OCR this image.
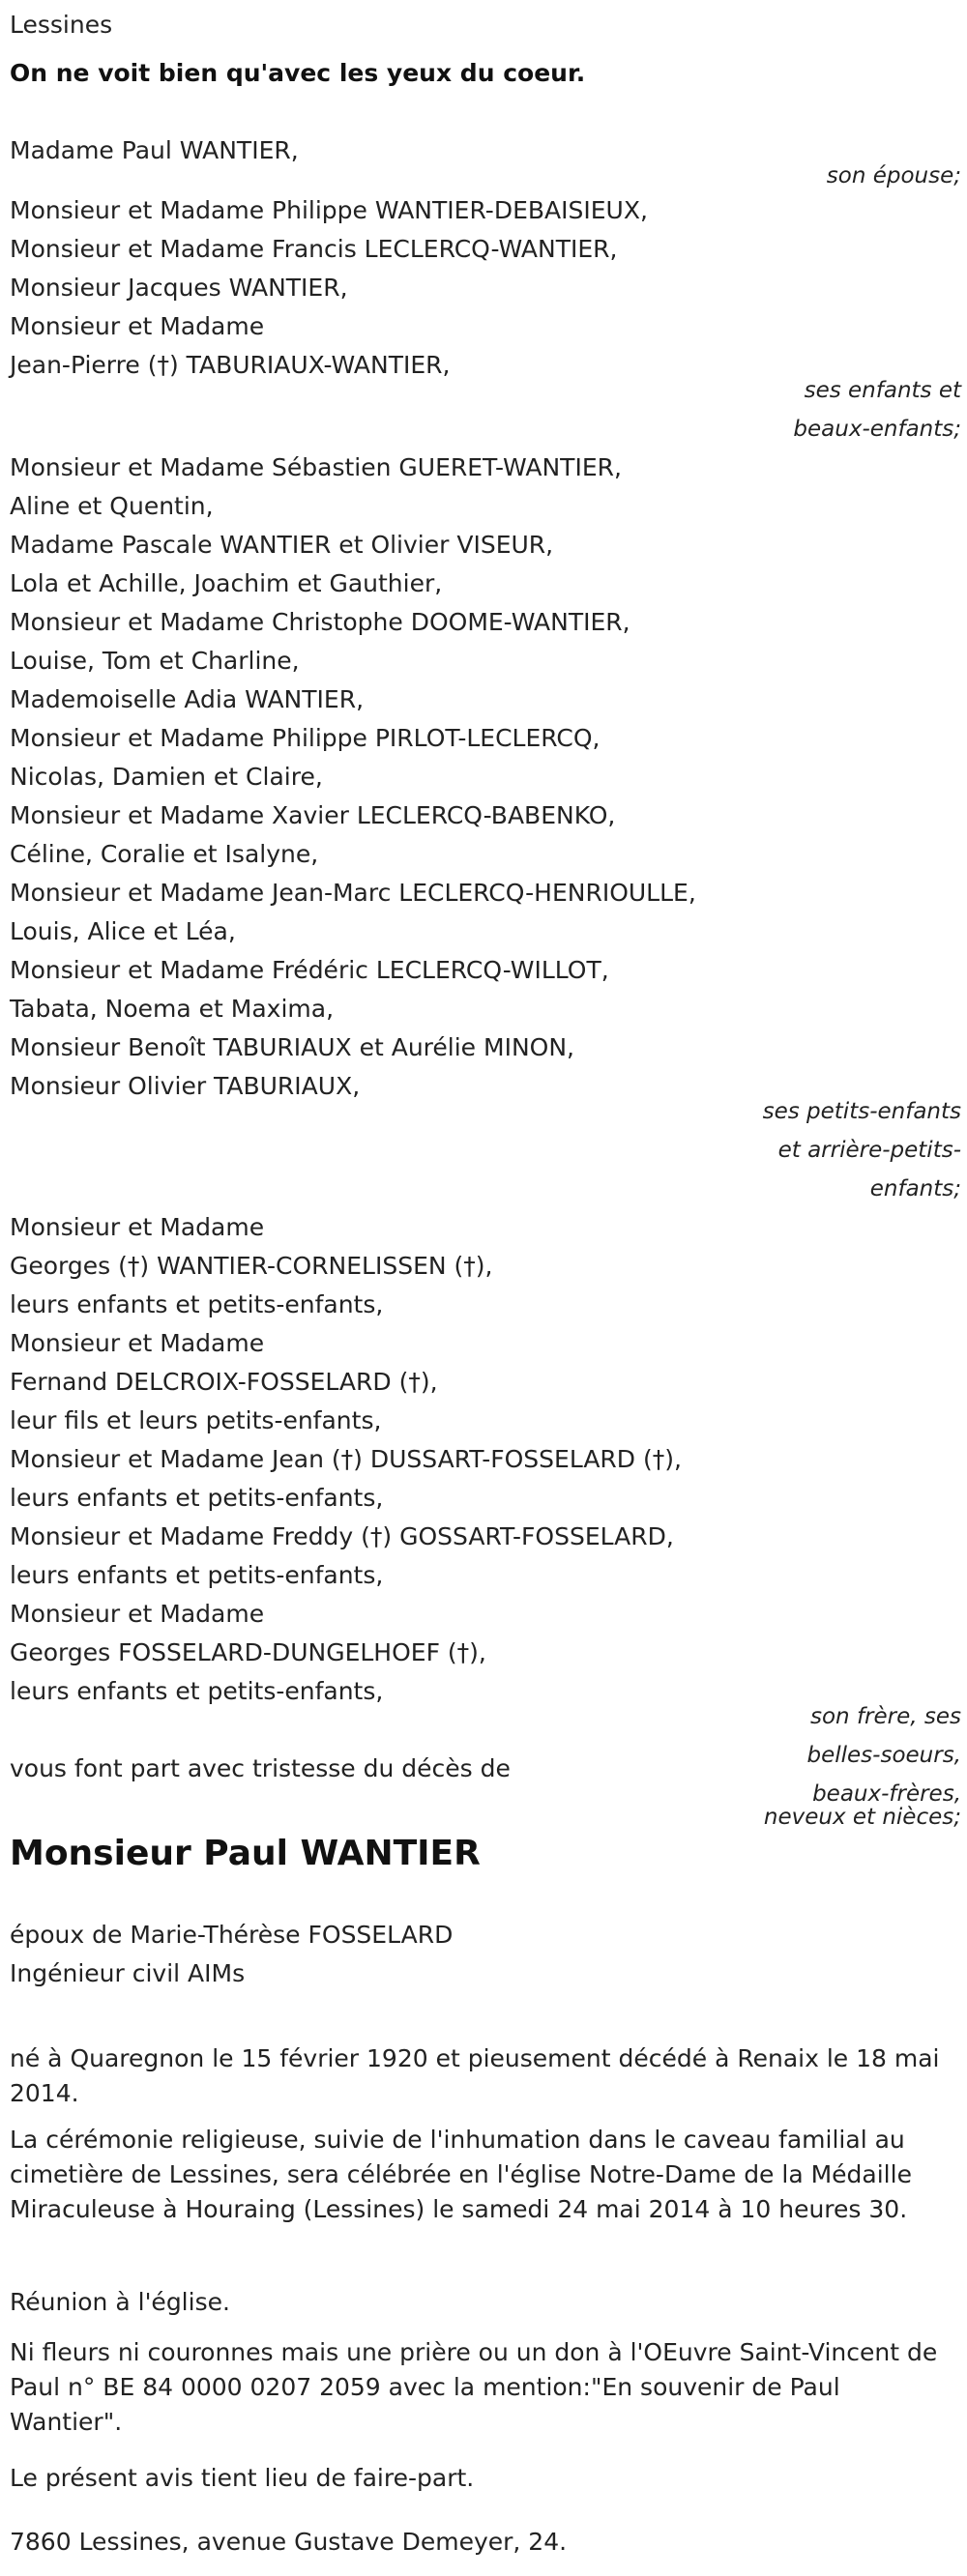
Lessines
On ne voit bien qu'avec les yeux du coeur.
Madame Paul WANTIER,
son épouse;
Monsieur et Madame Philippe WANTIER-DEBAISIEUX,
Monsieur et Madame Francis LECLERCQ-WANTIER,
Monsieur Jacques WANTIER,
Monsieur et Madame
Jean-Pierre (†) TABURIAUX-WANTIER,
ses enfants et
beaux-enfants;
Monsieur et Madame Sébastien GUERET-WANTIER,
Aline et Quentin,
Madame Pascale WANTIER et Olivier VISEUR,
Lola et Achille, Joachim et Gauthier,
Monsieur et Madame Christophe DOOME-WANTIER,
Louise, Tom et Charline,
Mademoiselle Adia WANTIER,
Monsieur et Madame Philippe PIRLOT-LECLERCQ,
Nicolas, Damien et Claire,
Monsieur et Madame Xavier LECLERCQ-BABENKO,
Céline, Coralie et Isalyne,
Monsieur et Madame Jean-Marc LECLERCQ-HENRIOULLE,
Louis, Alice et Léa,
Monsieur et Madame Frédéric LECLERCQ-WILLOT,
Tabata, Noema et Maxima,
Monsieur Benoît TABURIAUX et Aurélie MINON,
Monsieur Olivier TABURIAUX,
ses petits-enfants
et arrière-petits-
enfants;
Monsieur et Madame
Georges (†) WANTIER-CORNELISSEN (†),
leurs enfants et petits-enfants,
Monsieur et Madame
Fernand DELCROIX-FOSSELARD (†),
leur fils et leurs petits-enfants,
Monsieur et Madame Jean (†) DUSSART-FOSSELARD (†),
leurs enfants et petits-enfants,
Monsieur et Madame Freddy (†) GOSSART-FOSSELARD,
leurs enfants et petits-enfants,
Monsieur et Madame
Georges FOSSELARD-DUNGELHOEF (†),
leurs enfants et petits-enfants,
son frère, ses
belles-soeurs,
beaux-frères,
neveux et nièces;
vous font part avec tristesse du décès de
Monsieur Paul WANTIER
époux de Marie-Thérèse FOSSELARD
Ingénieur civil AIMs
né à Quaregnon le 15 février 1920 et pieusement décédé à Renaix le 18 mai 2014.
La cérémonie religieuse, suivie de l'inhumation dans le caveau familial au cimetière de Lessines, sera célébrée en l'église Notre-Dame de la Médaille Miraculeuse à Houraing (Lessines) le samedi 24 mai 2014 à 10 heures 30.
Réunion à l'église.
Ni fleurs ni couronnes mais une prière ou un don à l'OEuvre Saint-Vincent de Paul n° BE 84 0000 0207 2059 avec la mention:"En souvenir de Paul Wantier".
Le présent avis tient lieu de faire-part.
7860 Lessines, avenue Gustave Demeyer, 24.
